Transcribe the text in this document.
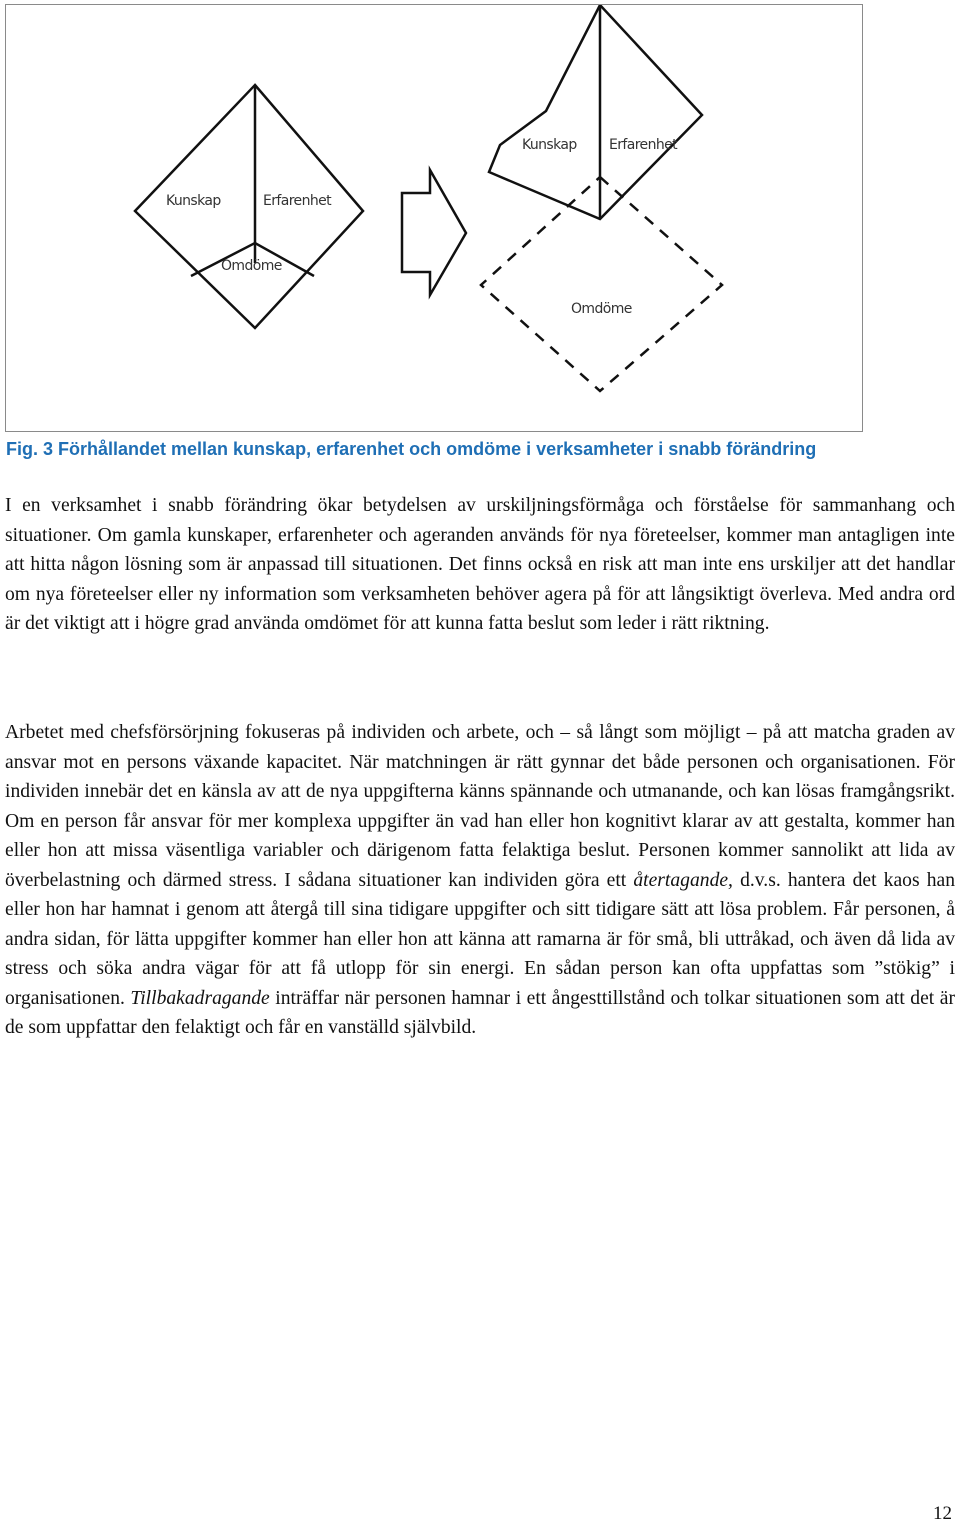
Kunskap	Erfarenhet
Omdöme
Kunskap Erfarenhet
Omdöme

Fig. 3 Förhållandet mellan kunskap, erfarenhet och omdöme i verksamheter i snabb förändring

I en verksamhet i snabb förändring ökar betydelsen av urskiljningsförmåga och förståelse för sammanhang och situationer. Om gamla kunskaper, erfarenheter och ageranden används för nya företeelser, kommer man antagligen inte att hitta någon lösning som är anpassad till situationen. Det finns också en risk att man inte ens urskiljer att det handlar om nya företeelser eller ny information som verksamheten behöver agera på för att långsiktigt överleva. Med andra ord är det viktigt att i högre grad använda omdömet för att kunna fatta beslut som leder i rätt riktning.

Arbetet med chefsförsörjning fokuseras på individen och arbete, och – så långt som möjligt – på att matcha graden av ansvar mot en persons växande kapacitet. När matchningen är rätt gynnar det både personen och organisationen. För individen innebär det en känsla av att de nya uppgifterna känns spännande och utmanande, och kan lösas framgångsrikt. Om en person får ansvar för mer komplexa uppgifter än vad han eller hon kognitivt klarar av att gestalta, kommer han eller hon att missa väsentliga variabler och därigenom fatta felaktiga beslut. Personen kommer sannolikt att lida av överbelastning och därmed stress. I sådana situationer kan individen göra ett återtagande, d.v.s. hantera det kaos han eller hon har hamnat i genom att återgå till sina tidigare uppgifter och sitt tidigare sätt att lösa problem. Får personen, å andra sidan, för lätta uppgifter kommer han eller hon att känna att ramarna är för små, bli uttråkad, och även då lida av stress och söka andra vägar för att få utlopp för sin energi. En sådan person kan ofta uppfattas som ”stökig” i organisationen. Tillbakadragande inträffar när personen hamnar i ett ångesttillstånd och tolkar situationen som att det är de som uppfattar den felaktigt och får en vanställd självbild.

12
